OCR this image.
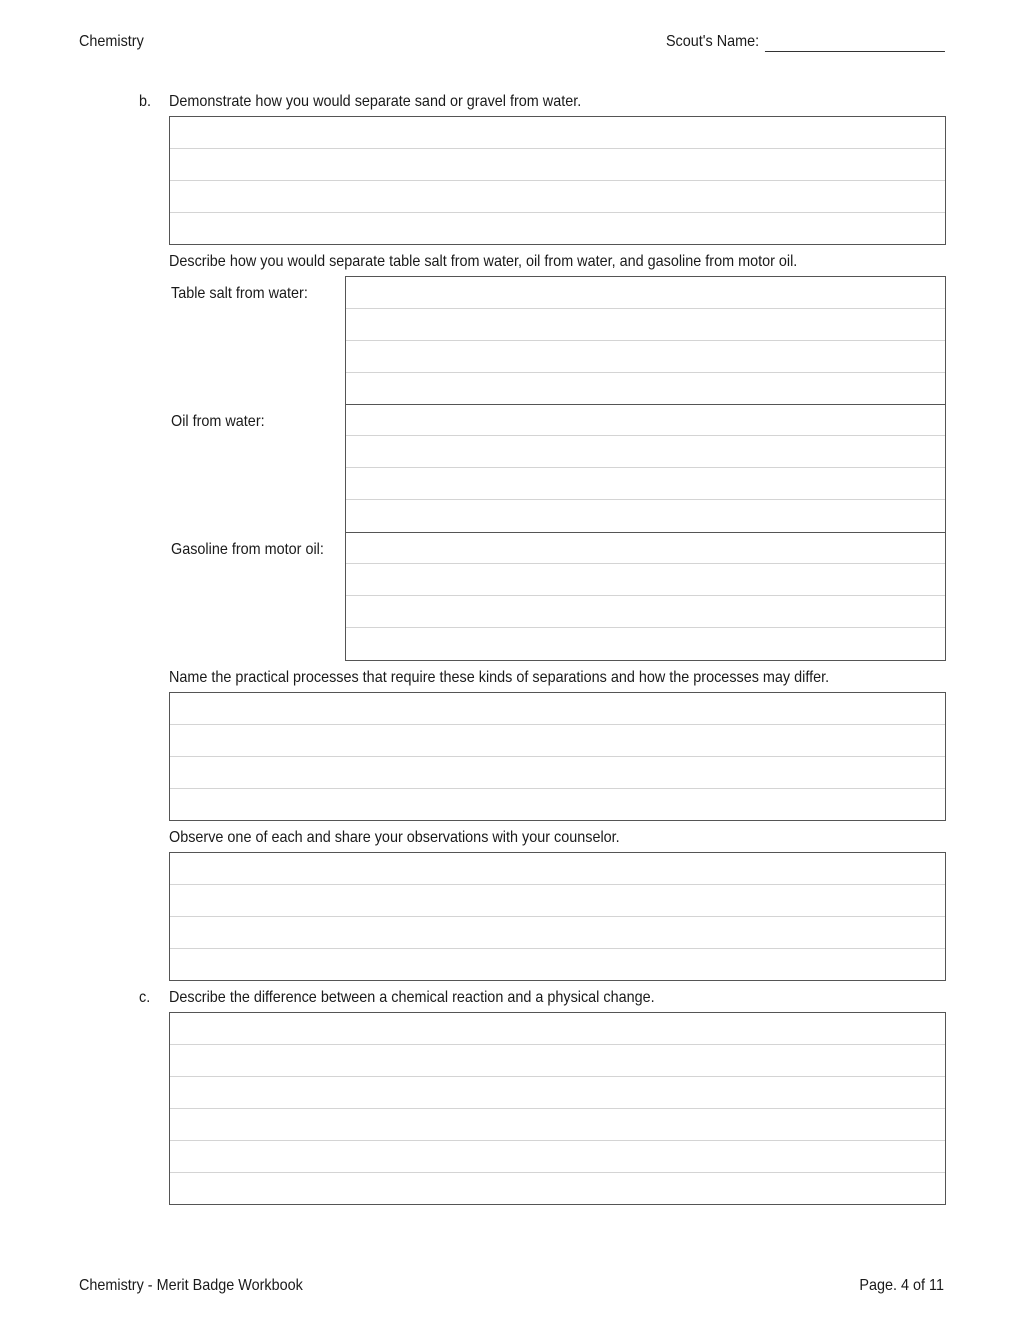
Chemistry	Scout's Name:
b. Demonstrate how you would separate sand or gravel from water.
Describe how you would separate table salt from water, oil from water, and gasoline from motor oil.
Table salt from water:
Oil from water:
Gasoline from motor oil:
Name the practical processes that require these kinds of separations and how the processes may differ.
Observe one of each and share your observations with your counselor.
c. Describe the difference between a chemical reaction and a physical change.
Chemistry - Merit Badge Workbook	Page. 4 of 11
